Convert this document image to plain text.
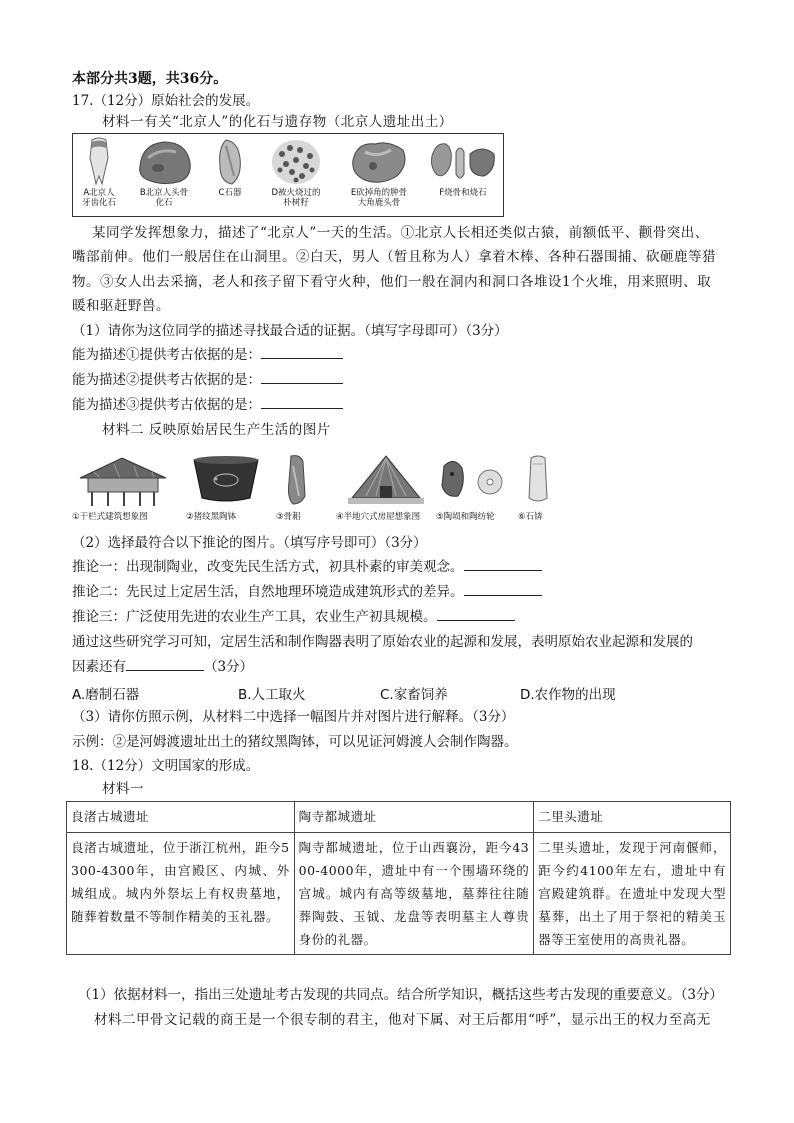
本部分共3题，共36分。
17.（12分）原始社会的发展。
材料一有关“北京人”的化石与遗存物（北京人遗址出土）
A北京人
牙齿化石
B北京人头骨
化石
C石器	D被火烧过的
朴树籽
E砍掉角的肿骨
大角鹿头骨
F烧骨和烧石
某同学发挥想象力，描述了“北京人”一天的生活。①北京人长相还类似古猿，前额低平、颧骨突出、
嘴部前伸。他们一般居住在山洞里。②白天，男人（暂且称为人）拿着木棒、各种石器围捕、砍砸鹿等猎
物。③女人出去采摘，老人和孩子留下看守火种，他们一般在洞内和洞口各堆设1个火堆，用来照明、取
暖和驱赶野兽。
（1）请你为这位同学的描述寻找最合适的证据。（填写字母即可）（3分）
能为描述①提供考古依据的是：
能为描述②提供考古依据的是：
能为描述③提供考古依据的是：
材料二 反映原始居民生产生活的图片
①干栏式建筑想象图	②猪纹黑陶钵	③骨耜	④半地穴式房屋想象图 ⑤陶埙和陶纺轮	⑥石锛
（2）选择最符合以下推论的图片。（填写序号即可）（3分）
推论一：出现制陶业，改变先民生活方式，初具朴素的审美观念。
推论二：先民过上定居生活，自然地理环境造成建筑形式的差异。
推论三：广泛使用先进的农业生产工具，农业生产初具规模。
通过这些研究学习可知，定居生活和制作陶器表明了原始农业的起源和发展，表明原始农业起源和发展的
因素还有	（3分）
A.磨制石器	B.人工取火	C.家畜饲养	D.农作物的出现
（3）请你仿照示例，从材料二中选择一幅图片并对图片进行解释。（3分）
示例：②是河姆渡遗址出土的猪纹黑陶钵，可以见证河姆渡人会制作陶器。
18.（12分）文明国家的形成。
材料一
良渚古城遗址	陶寺都城遗址	二里头遗址

良渚古城遗址，位于浙江杭州，距今5300-4300年，由宫殿区、内城、外城组成。城内外祭坛上有权贵墓地，随葬着数量不等制作精美的玉礼器。	陶寺都城遗址，位于山西襄汾，距今4300-4000年，遗址中有一个围墙环绕的宫城。城内有高等级墓地，墓葬往往随葬陶鼓、玉钺、龙盘等表明墓主人尊贵身份的礼器。	二里头遗址，发现于河南偃师，距今约4100年左右，遗址中有宫殿建筑群。在遗址中发现大型墓葬，出土了用于祭祀的精美玉器等王室使用的高贵礼器。
（1）依据材料一，指出三处遗址考古发现的共同点。结合所学知识，概括这些考古发现的重要意义。（3分）
材料二甲骨文记载的商王是一个很专制的君主，他对下属、对王后都用“呼”，显示出王的权力至高无
